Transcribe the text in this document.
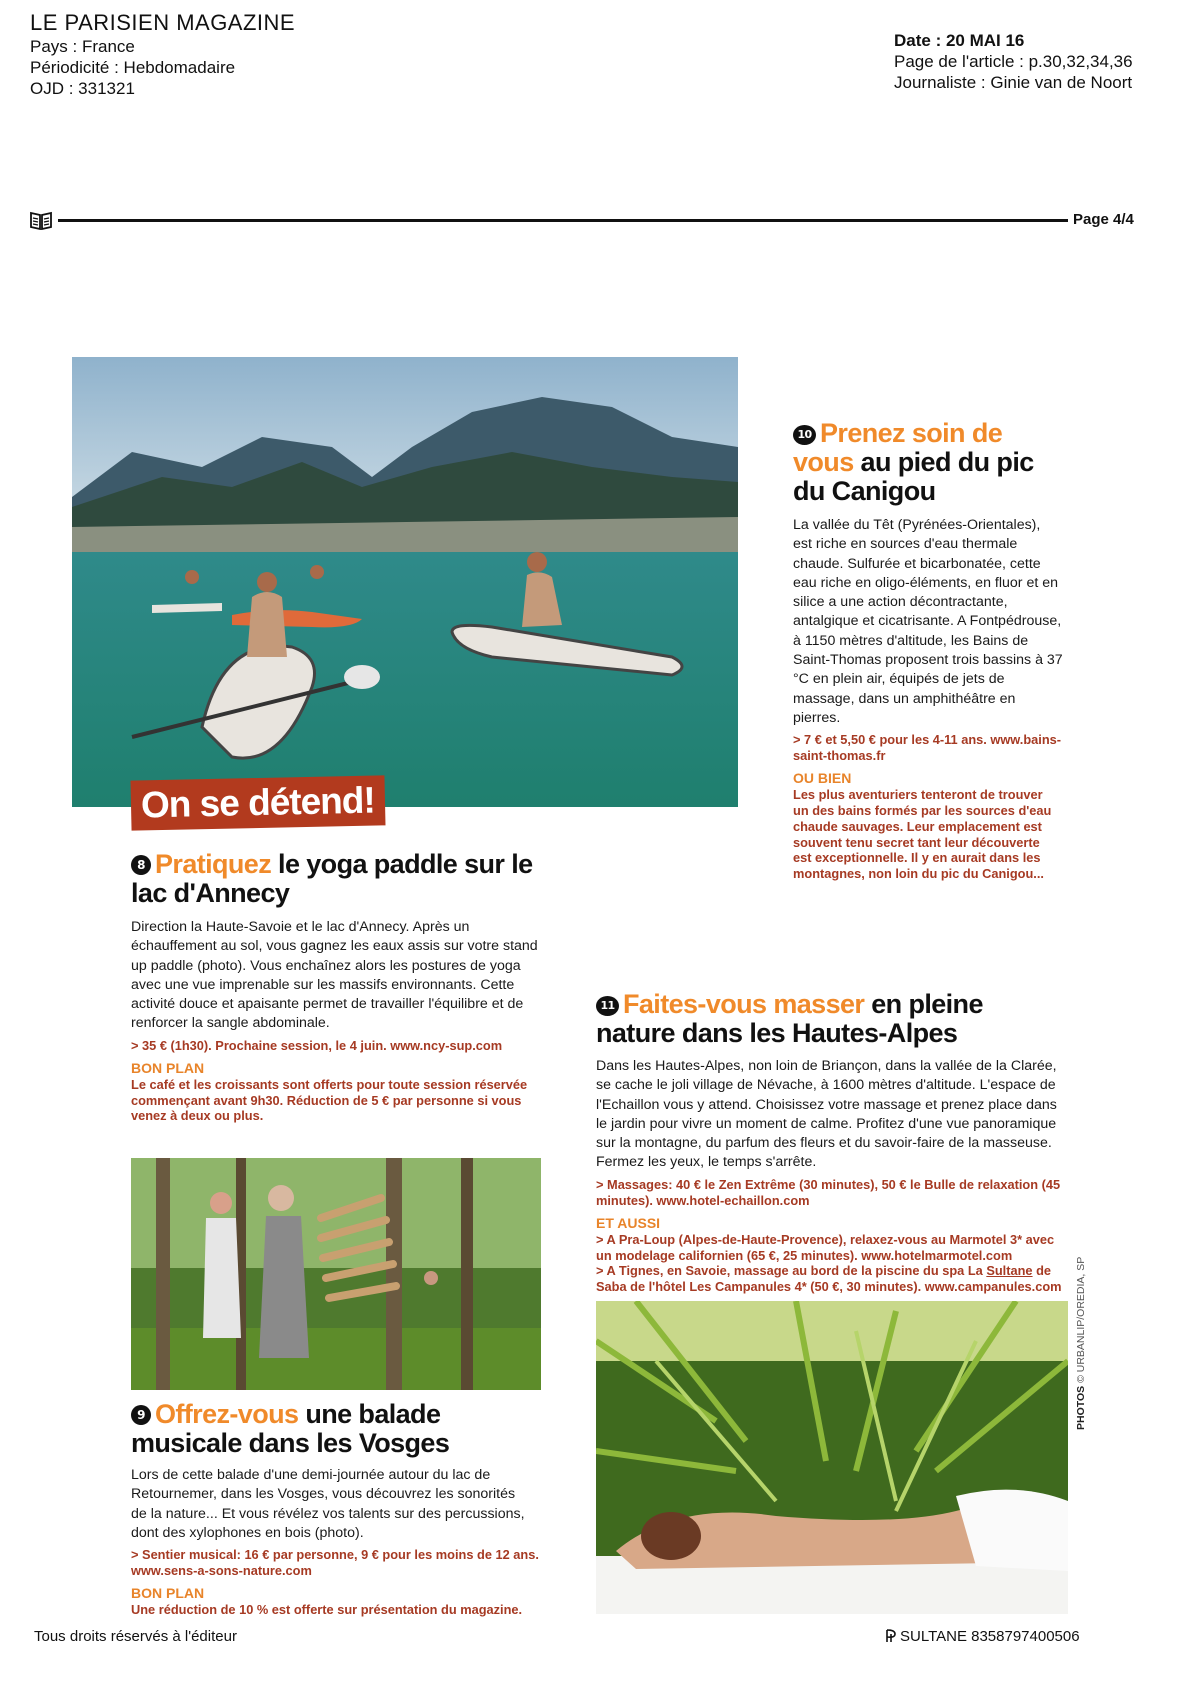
LE PARISIEN MAGAZINE
Pays : France
Périodicité : Hebdomadaire
OJD : 331321
Date : 20 MAI 16
Page de l'article : p.30,32,34,36
Journaliste : Ginie van de Noort
Page 4/4
On se détend!
8 Pratiquez le yoga paddle sur le lac d'Annecy
Direction la Haute-Savoie et le lac d'Annecy. Après un échauffement au sol, vous gagnez les eaux assis sur votre stand up paddle (photo). Vous enchaînez alors les postures de yoga avec une vue imprenable sur les massifs environnants. Cette activité douce et apaisante permet de travailler l'équilibre et de renforcer la sangle abdominale.
> 35 € (1h30). Prochaine session, le 4 juin. www.ncy-sup.com
BON PLAN
Le café et les croissants sont offerts pour toute session réservée commençant avant 9h30. Réduction de 5 € par personne si vous venez à deux ou plus.
9 Offrez-vous une balade musicale dans les Vosges
Lors de cette balade d'une demi-journée autour du lac de Retournemer, dans les Vosges, vous découvrez les sonorités de la nature... Et vous révélez vos talents sur des percussions, dont des xylophones en bois (photo).
> Sentier musical: 16 € par personne, 9 € pour les moins de 12 ans. www.sens-a-sons-nature.com
BON PLAN
Une réduction de 10 % est offerte sur présentation du magazine.
10 Prenez soin de vous au pied du pic du Canigou
La vallée du Têt (Pyrénées-Orientales), est riche en sources d'eau thermale chaude. Sulfurée et bicarbonatée, cette eau riche en oligo-éléments, en fluor et en silice a une action décontractante, antalgique et cicatrisante. A Fontpédrouse, à 1150 mètres d'altitude, les Bains de Saint-Thomas proposent trois bassins à 37 °C en plein air, équipés de jets de massage, dans un amphithéâtre en pierres.
> 7 € et 5,50 € pour les 4-11 ans. www.bains-saint-thomas.fr
OU BIEN
Les plus aventuriers tenteront de trouver un des bains formés par les sources d'eau chaude sauvages. Leur emplacement est souvent tenu secret tant leur découverte est exceptionnelle. Il y en aurait dans les montagnes, non loin du pic du Canigou...
11 Faites-vous masser en pleine nature dans les Hautes-Alpes
Dans les Hautes-Alpes, non loin de Briançon, dans la vallée de la Clarée, se cache le joli village de Névache, à 1600 mètres d'altitude. L'espace de l'Echaillon vous y attend. Choisissez votre massage et prenez place dans le jardin pour vivre un moment de calme. Profitez d'une vue panoramique sur la montagne, du parfum des fleurs et du savoir-faire de la masseuse. Fermez les yeux, le temps s'arrête.
> Massages: 40 € le Zen Extrême (30 minutes), 50 € le Bulle de relaxation (45 minutes). www.hotel-echaillon.com
ET AUSSI
> A Pra-Loup (Alpes-de-Haute-Provence), relaxez-vous au Marmotel 3* avec un modelage californien (65 €, 25 minutes). www.hotelmarmotel.com
> A Tignes, en Savoie, massage au bord de la piscine du spa La Sultane de Saba de l'hôtel Les Campanules 4* (50 €, 30 minutes). www.campanules.com
PHOTOS © URBANLIP/OREDIA, SP
Tous droits réservés à l'éditeur	SULTANE 8358797400506
